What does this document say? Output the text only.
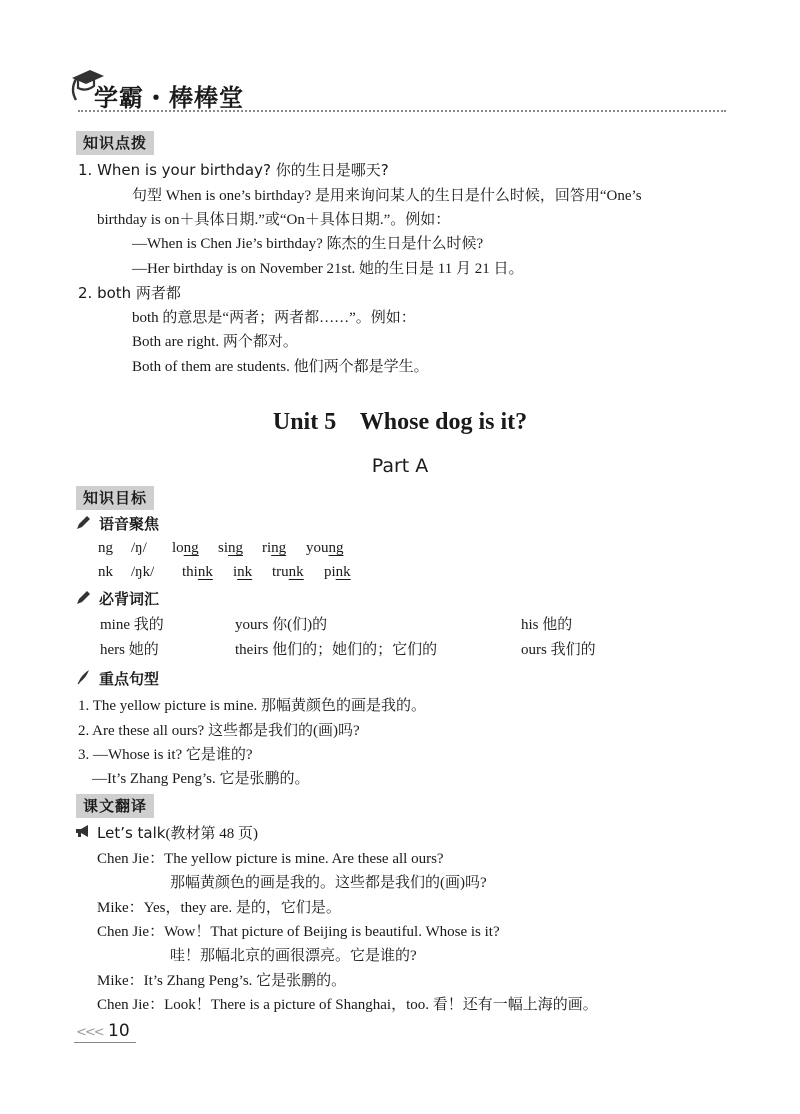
学霸・棒棒堂
知识点拨
1. When is your birthday? 你的生日是哪天?
句型 When is one’s birthday? 是用来询问某人的生日是什么时候，回答用“One’s
birthday is on＋具体日期.”或“On＋具体日期.”。例如：
—When is Chen Jie’s birthday? 陈杰的生日是什么时候?
—Her birthday is on November 21st. 她的生日是 11 月 21 日。
2. both 两者都
both 的意思是“两者；两者都……”。例如：
Both are right. 两个都对。
Both of them are students. 他们两个都是学生。
Unit 5    Whose dog is it?
Part A
知识目标
语音聚焦
ng /ŋ/ long sing ring young
nk /ŋk/ think ink trunk pink
必背词汇
mine 我的	yours 你(们)的	his 他的
hers 她的	theirs 他们的；她们的；它们的	ours 我们的
重点句型
1. The yellow picture is mine. 那幅黄颜色的画是我的。
2. Are these all ours? 这些都是我们的(画)吗?
3. —Whose is it? 它是谁的?
—It’s Zhang Peng’s. 它是张鹏的。
课文翻译
Let’s talk(教材第 48 页)
Chen Jie：The yellow picture is mine. Are these all ours?
那幅黄颜色的画是我的。这些都是我们的(画)吗?
Mike：Yes，they are. 是的，它们是。
Chen Jie：Wow！That picture of Beijing is beautiful. Whose is it?
哇！那幅北京的画很漂亮。它是谁的?
Mike：It’s Zhang Peng’s. 它是张鹏的。
Chen Jie：Look！There is a picture of Shanghai，too. 看！还有一幅上海的画。
<<< 10
